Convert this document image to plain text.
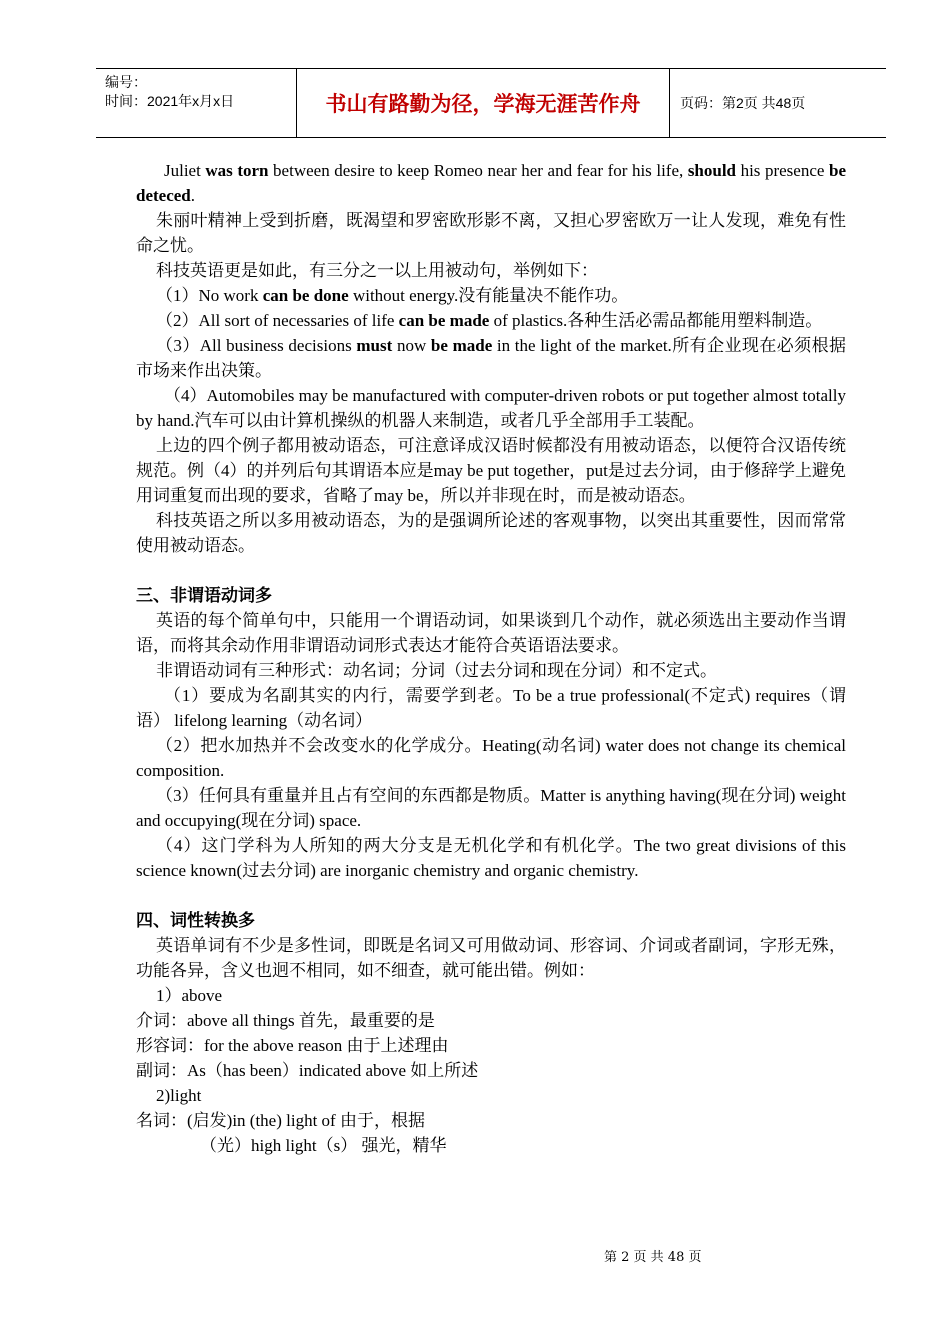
编号：
时间：2021年x月x日	书山有路勤为径，学海无涯苦作舟	页码：第2页 共48页

Juliet was torn between desire to keep Romeo near her and fear for his life, should his presence be deteced.

朱丽叶精神上受到折磨，既渴望和罗密欧形影不离，又担心罗密欧万一让人发现，难免有性命之忧。

科技英语更是如此，有三分之一以上用被动句，举例如下：

（1）No work can be done without energy.没有能量决不能作功。

（2）All sort of necessaries of life can be made of plastics.各种生活必需品都能用塑料制造。

（3）All business decisions must now be made in the light of the market.所有企业现在必须根据市场来作出决策。

（4）Automobiles may be manufactured with computer-driven robots or put together almost totally by hand.汽车可以由计算机操纵的机器人来制造，或者几乎全部用手工装配。

上边的四个例子都用被动语态，可注意译成汉语时候都没有用被动语态，以便符合汉语传统规范。例（4）的并列后句其谓语本应是may be put together，put是过去分词，由于修辞学上避免用词重复而出现的要求，省略了may be，所以并非现在时，而是被动语态。

科技英语之所以多用被动语态，为的是强调所论述的客观事物，以突出其重要性，因而常常使用被动语态。

三、非谓语动词多

英语的每个简单句中，只能用一个谓语动词，如果谈到几个动作，就必须选出主要动作当谓语，而将其余动作用非谓语动词形式表达才能符合英语语法要求。

非谓语动词有三种形式：动名词；分词（过去分词和现在分词）和不定式。

（1）要成为名副其实的内行，需要学到老。To be a true professional(不定式) requires（谓语） lifelong learning（动名词）

（2）把水加热并不会改变水的化学成分。Heating(动名词) water does not change its chemical composition.

（3）任何具有重量并且占有空间的东西都是物质。Matter is anything having(现在分词) weight and occupying(现在分词) space.

（4）这门学科为人所知的两大分支是无机化学和有机化学。The two great divisions of this science known(过去分词) are inorganic chemistry and organic chemistry.

四、词性转换多

英语单词有不少是多性词，即既是名词又可用做动词、形容词、介词或者副词，字形无殊，功能各异，含义也迥不相同，如不细查，就可能出错。例如：

1）above

介词：above all things 首先，最重要的是

形容词：for the above reason 由于上述理由

副词：As（has been）indicated above 如上所述

2)light

名词：(启发)in (the) light of 由于，根据

（光）high light（s） 强光，精华

第 2 页 共 48 页
